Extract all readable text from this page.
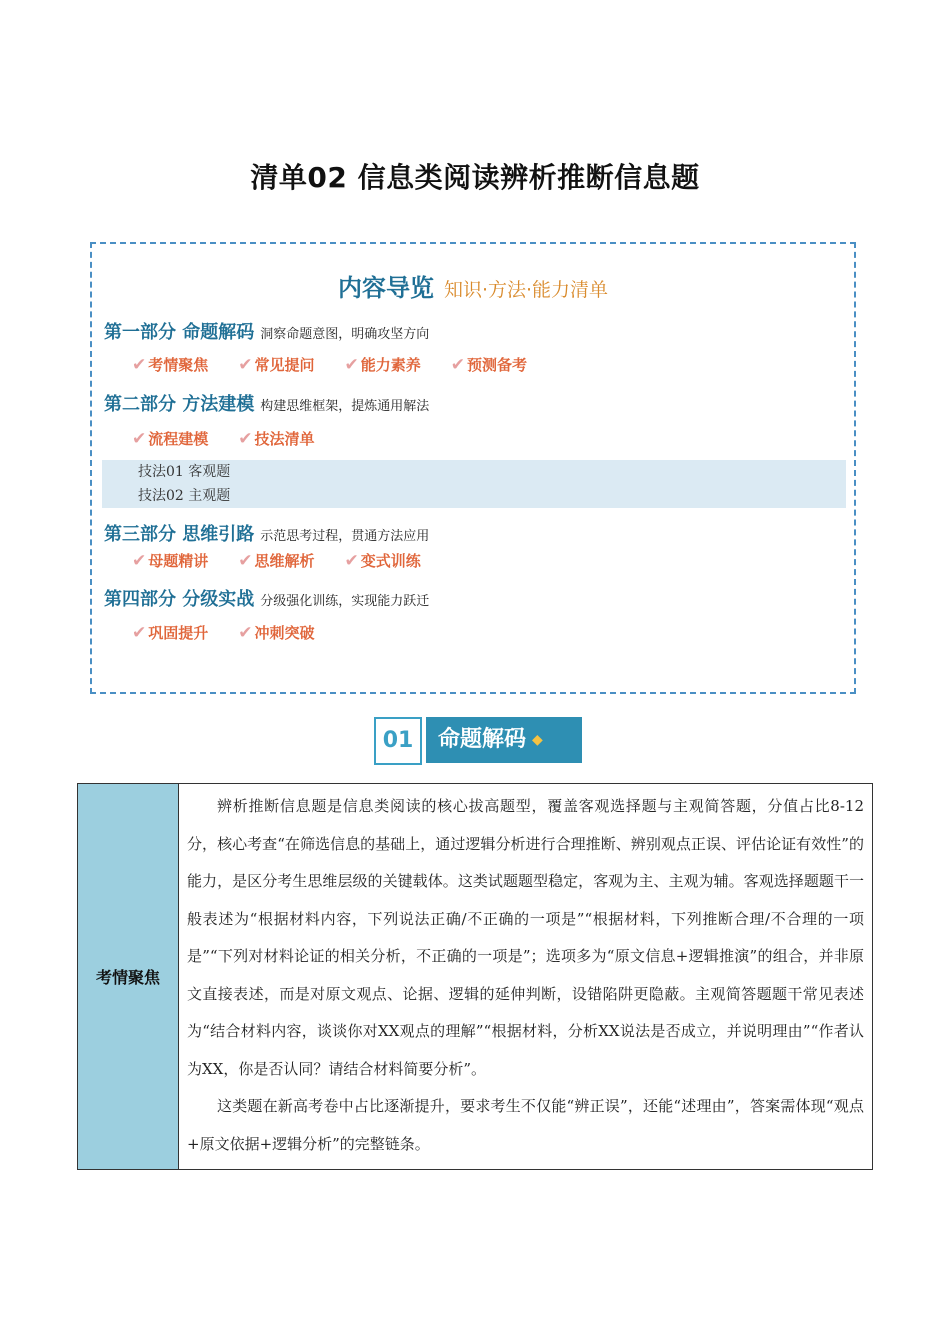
清单02 信息类阅读辨析推断信息题
内容导览 知识·方法·能力清单
第一部分 命题解码 洞察命题意图，明确攻坚方向
✔ 考情聚焦 ✔ 常见提问 ✔ 能力素养 ✔ 预测备考
第二部分 方法建模 构建思维框架，提炼通用解法
✔ 流程建模 ✔ 技法清单
技法01 客观题
技法02 主观题
第三部分 思维引路 示范思考过程，贯通方法应用
✔ 母题精讲 ✔ 思维解析 ✔ 变式训练
第四部分 分级实战 分级强化训练，实现能力跃迁
✔ 巩固提升 ✔ 冲刺突破
01	命题解码 ◆
考情聚焦	

辨析推断信息题是信息类阅读的核心拔高题型，覆盖客观选择题与主观简答题，分值占比8-12分，核心考查“在筛选信息的基础上，通过逻辑分析进行合理推断、辨别观点正误、评估论证有效性”的能力，是区分考生思维层级的关键载体。这类试题题型稳定，客观为主、主观为辅。客观选择题题干一般表述为“根据材料内容，下列说法正确/不正确的一项是”“根据材料，下列推断合理/不合理的一项是”“下列对材料论证的相关分析，不正确的一项是”；选项多为“原文信息+逻辑推演”的组合，并非原文直接表述，而是对原文观点、论据、逻辑的延伸判断，设错陷阱更隐蔽。主观简答题题干常见表述为“结合材料内容，谈谈你对XX观点的理解”“根据材料，分析XX说法是否成立，并说明理由”“作者认为XX，你是否认同？请结合材料简要分析”。

这类题在新高考卷中占比逐渐提升，要求考生不仅能“辨正误”，还能“述理由”，答案需体现“观点+原文依据+逻辑分析”的完整链条。
